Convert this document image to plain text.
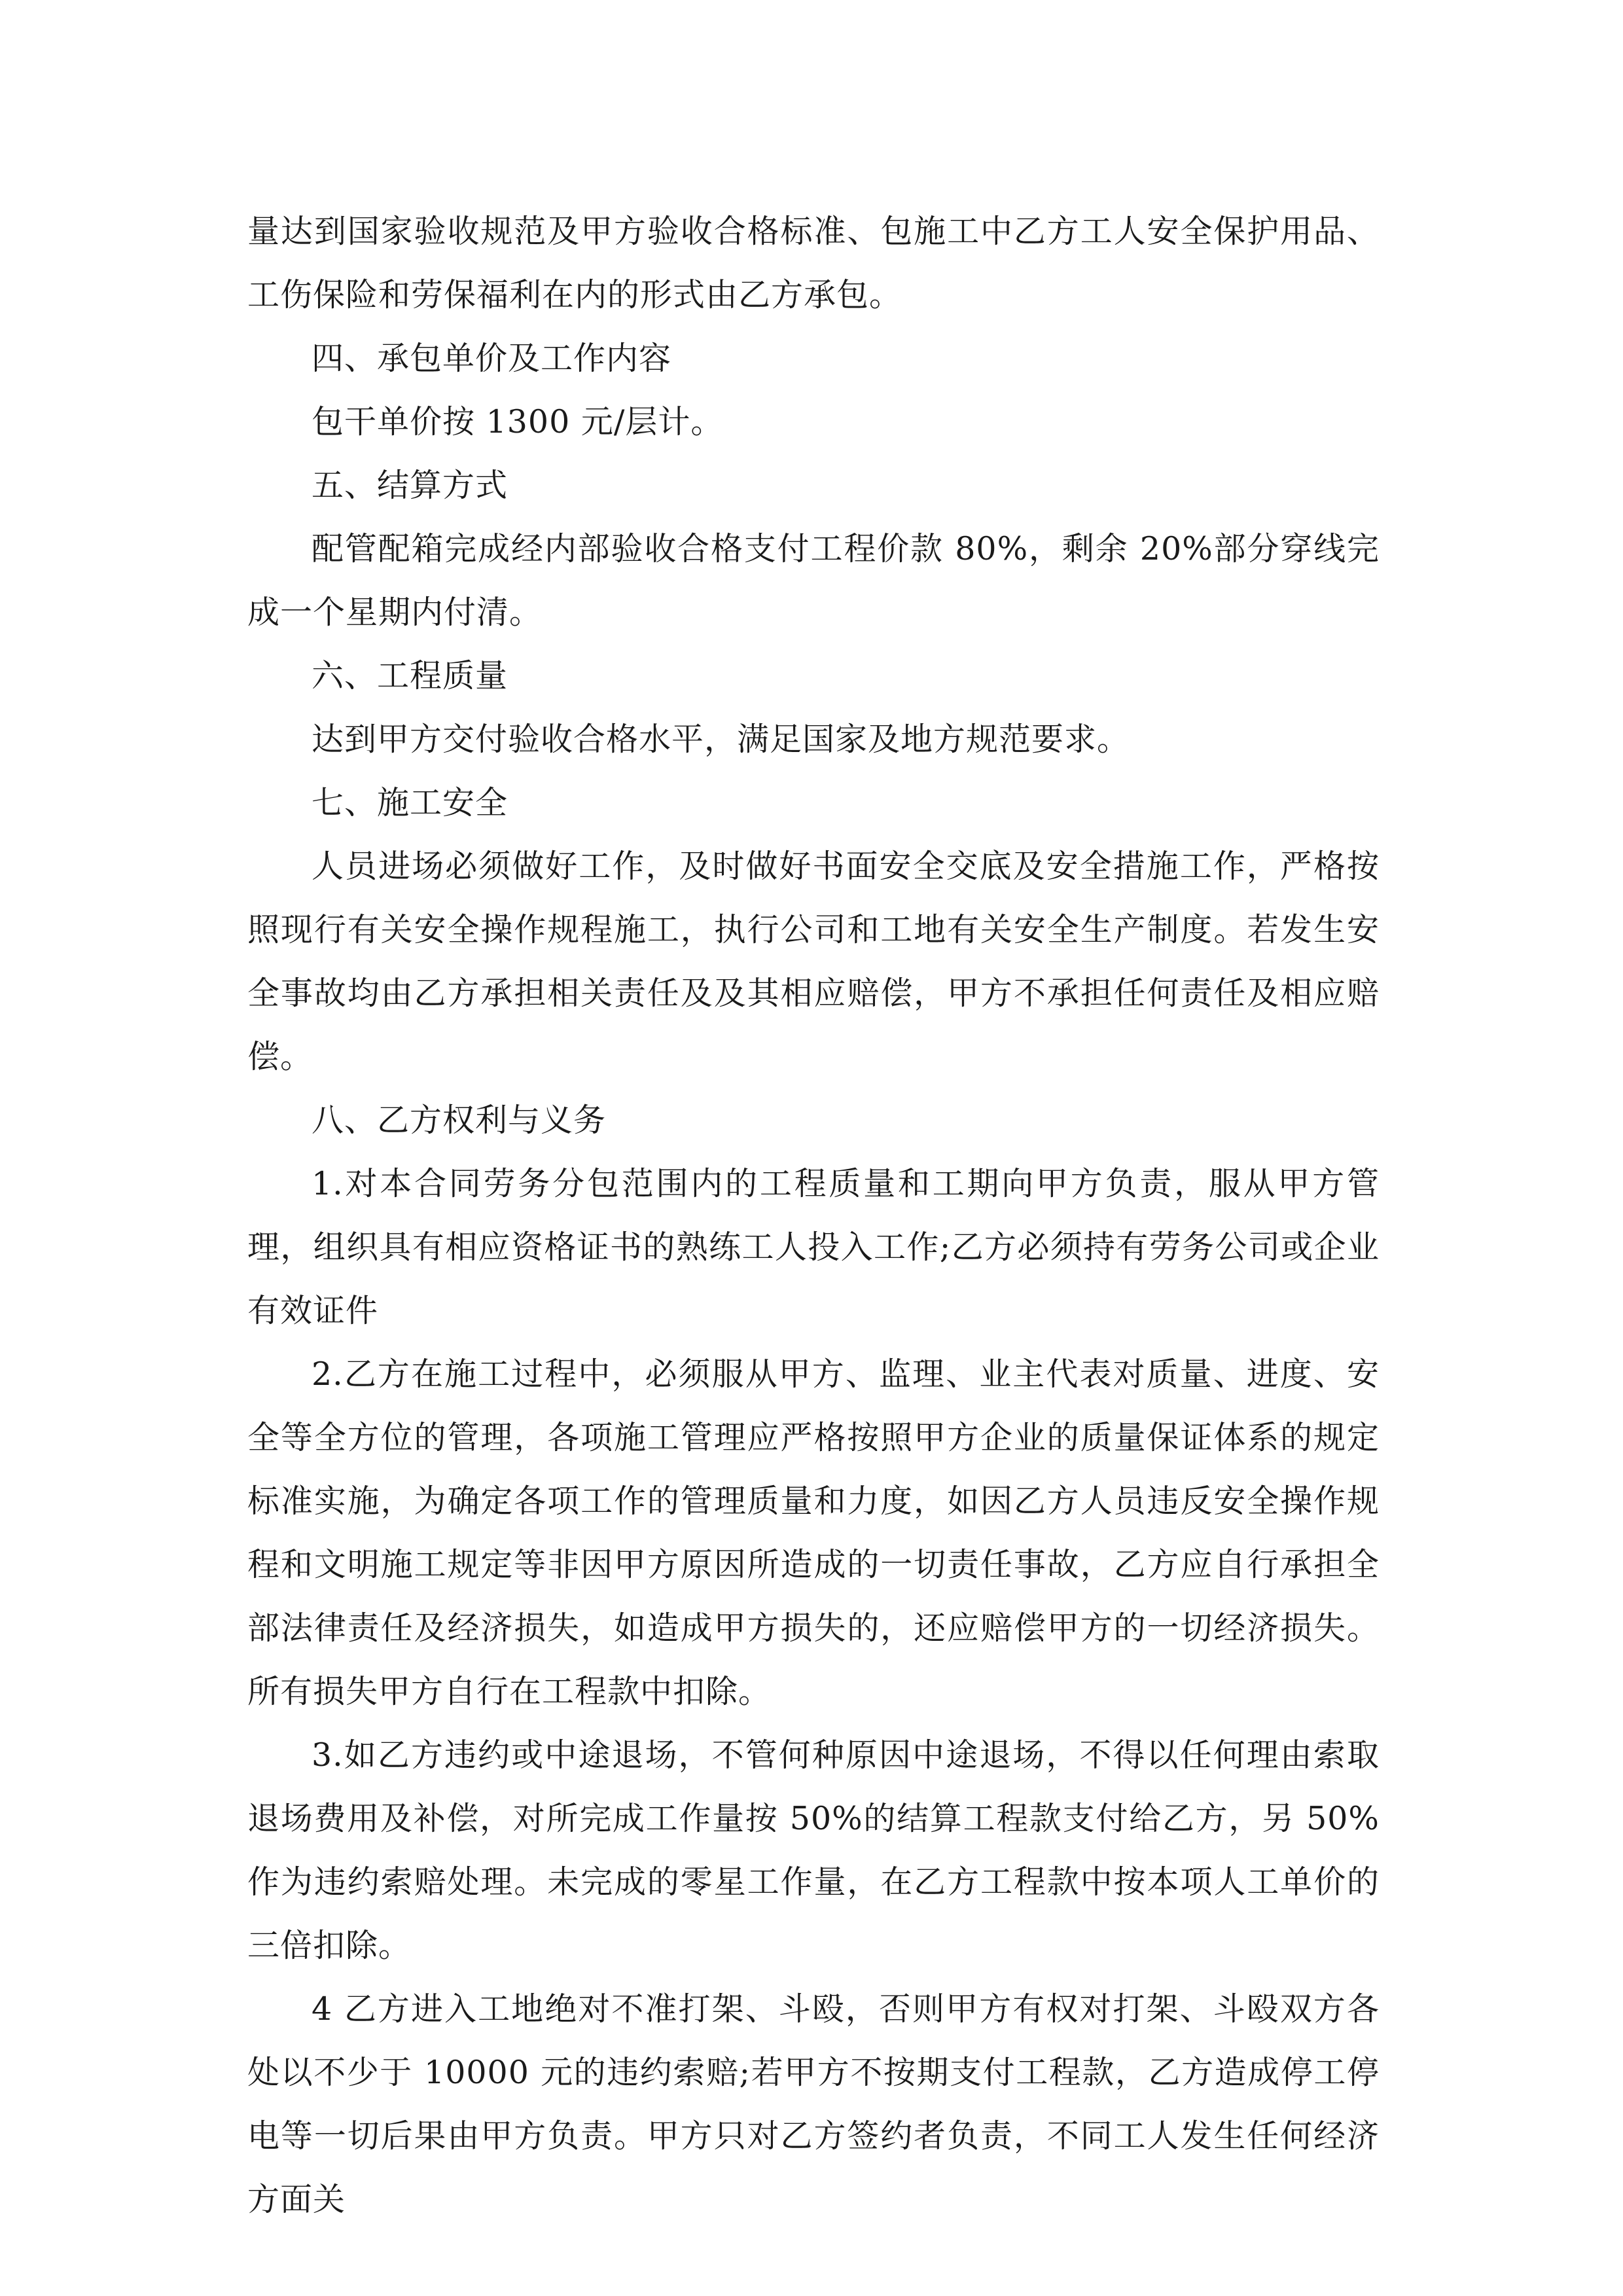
量达到国家验收规范及甲方验收合格标准、包施工中乙方工人安全保护用品、工伤保险和劳保福利在内的形式由乙方承包。

四、承包单价及工作内容

包干单价按 1300 元/层计。

五、结算方式

配管配箱完成经内部验收合格支付工程价款 80%，剩余 20%部分穿线完成一个星期内付清。

六、工程质量

达到甲方交付验收合格水平，满足国家及地方规范要求。

七、施工安全

人员进场必须做好工作，及时做好书面安全交底及安全措施工作，严格按照现行有关安全操作规程施工，执行公司和工地有关安全生产制度。若发生安全事故均由乙方承担相关责任及及其相应赔偿，甲方不承担任何责任及相应赔偿。

八、乙方权利与义务

1.对本合同劳务分包范围内的工程质量和工期向甲方负责，服从甲方管理，组织具有相应资格证书的熟练工人投入工作;乙方必须持有劳务公司或企业有效证件

2.乙方在施工过程中，必须服从甲方、监理、业主代表对质量、进度、安全等全方位的管理，各项施工管理应严格按照甲方企业的质量保证体系的规定标准实施，为确定各项工作的管理质量和力度，如因乙方人员违反安全操作规程和文明施工规定等非因甲方原因所造成的一切责任事故，乙方应自行承担全部法律责任及经济损失，如造成甲方损失的，还应赔偿甲方的一切经济损失。所有损失甲方自行在工程款中扣除。

3.如乙方违约或中途退场，不管何种原因中途退场，不得以任何理由索取退场费用及补偿，对所完成工作量按 50%的结算工程款支付给乙方，另 50%作为违约索赔处理。未完成的零星工作量，在乙方工程款中按本项人工单价的三倍扣除。

4 乙方进入工地绝对不准打架、斗殴，否则甲方有权对打架、斗殴双方各处以不少于 10000 元的违约索赔;若甲方不按期支付工程款，乙方造成停工停电等一切后果由甲方负责。甲方只对乙方签约者负责，不同工人发生任何经济方面关
